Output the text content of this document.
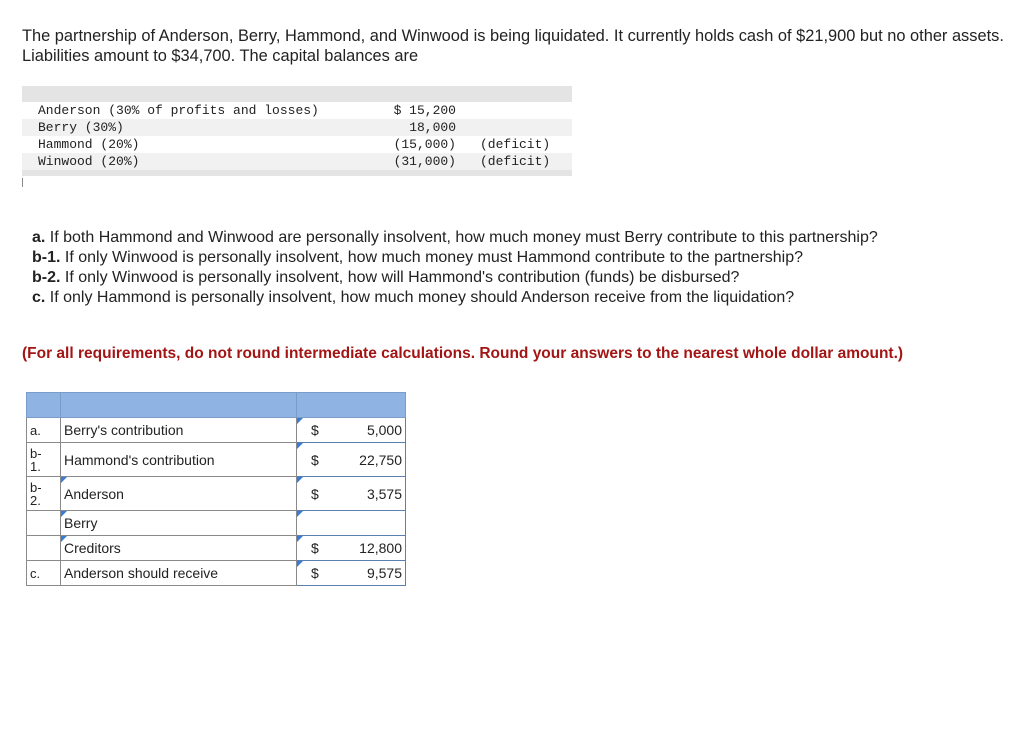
The partnership of Anderson, Berry, Hammond, and Winwood is being liquidated. It currently holds cash of $21,900 but no other assets. Liabilities amount to $34,700. The capital balances are
Anderson (30% of profits and losses)	$ 15,200
Berry (30%)	18,000
Hammond (20%)	(15,000) (deficit)
Winwood (20%)	(31,000) (deficit)
a. If both Hammond and Winwood are personally insolvent, how much money must Berry contribute to this partnership?
b-1. If only Winwood is personally insolvent, how much money must Hammond contribute to the partnership?
b-2. If only Winwood is personally insolvent, how will Hammond's contribution (funds) be disbursed?
c. If only Hammond is personally insolvent, how much money should Anderson receive from the liquidation?
(For all requirements, do not round intermediate calculations. Round your answers to the nearest whole dollar amount.)

a.	Berry's contribution	$ 5,000

b-
1.	Hammond's contribution	$ 22,750

b-
2.	Anderson	$ 3,575

Berry	

Creditors	$ 12,800

c.	Anderson should receive	$ 9,575
